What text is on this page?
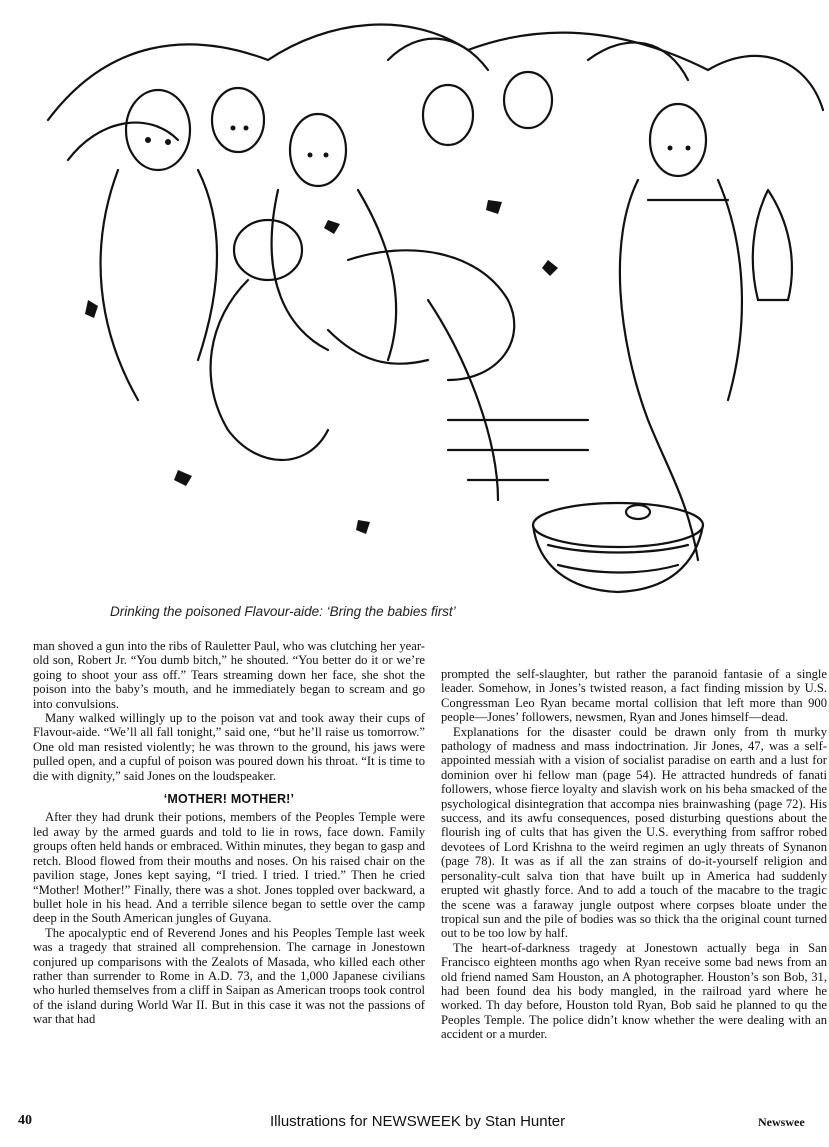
Drinking the poisoned Flavour-aide: ‘Bring the babies first’

man shoved a gun into the ribs of Rauletter Paul, who was clutching her year-old son, Robert Jr. “You dumb bitch,” he shouted. “You better do it or we’re going to shoot your ass off.” Tears streaming down her face, she shot the poison into the baby’s mouth, and he immediately began to scream and go into convulsions.

Many walked willingly up to the poison vat and took away their cups of Flavour-aide. “We’ll all fall tonight,” said one, “but he’ll raise us tomorrow.” One old man resisted violently; he was thrown to the ground, his jaws were pulled open, and a cupful of poison was poured down his throat. “It is time to die with dignity,” said Jones on the loudspeaker.

‘MOTHER! MOTHER!’

After they had drunk their potions, members of the Peoples Temple were led away by the armed guards and told to lie in rows, face down. Family groups often held hands or embraced. Within minutes, they began to gasp and retch. Blood flowed from their mouths and noses. On his raised chair on the pavilion stage, Jones kept saying, “I tried. I tried. I tried.” Then he cried “Mother! Mother!” Finally, there was a shot. Jones toppled over backward, a bullet hole in his head. And a terrible silence began to settle over the camp deep in the South American jungles of Guyana.

The apocalyptic end of Reverend Jones and his Peoples Temple last week was a tragedy that strained all comprehension. The carnage in Jonestown conjured up comparisons with the Zealots of Masada, who killed each other rather than surrender to Rome in A.D. 73, and the 1,000 Japanese civilians who hurled themselves from a cliff in Saipan as American troops took control of the island during World War II. But in this case it was not the passions of war that had

prompted the self-slaughter, but rather the paranoid fantasie of a single leader. Somehow, in Jones’s twisted reason, a fact finding mission by U.S. Congressman Leo Ryan became mortal collision that left more than 900 people—Jones’ followers, newsmen, Ryan and Jones himself—dead.

Explanations for the disaster could be drawn only from th murky pathology of madness and mass indoctrination. Jir Jones, 47, was a self-appointed messiah with a vision of socialist paradise on earth and a lust for dominion over hi fellow man (page 54). He attracted hundreds of fanati followers, whose fierce loyalty and slavish work on his beha smacked of the psychological disintegration that accompa nies brainwashing (page 72). His success, and its awfu consequences, posed disturbing questions about the flourish ing of cults that has given the U.S. everything from saffror robed devotees of Lord Krishna to the weird regimen an ugly threats of Synanon (page 78). It was as if all the zan strains of do-it-yourself religion and personality-cult salva tion that have built up in America had suddenly erupted wit ghastly force. And to add a touch of the macabre to the tragic the scene was a faraway jungle outpost where corpses bloate under the tropical sun and the pile of bodies was so thick tha the original count turned out to be too low by half.

The heart-of-darkness tragedy at Jonestown actually bega in San Francisco eighteen months ago when Ryan receive some bad news from an old friend named Sam Houston, an A photographer. Houston’s son Bob, 31, had been found dea his body mangled, in the railroad yard where he worked. Th day before, Houston told Ryan, Bob said he planned to qu the Peoples Temple. The police didn’t know whether the were dealing with an accident or a murder.

40	Illustrations for NEWSWEEK by Stan Hunter	Newswee
